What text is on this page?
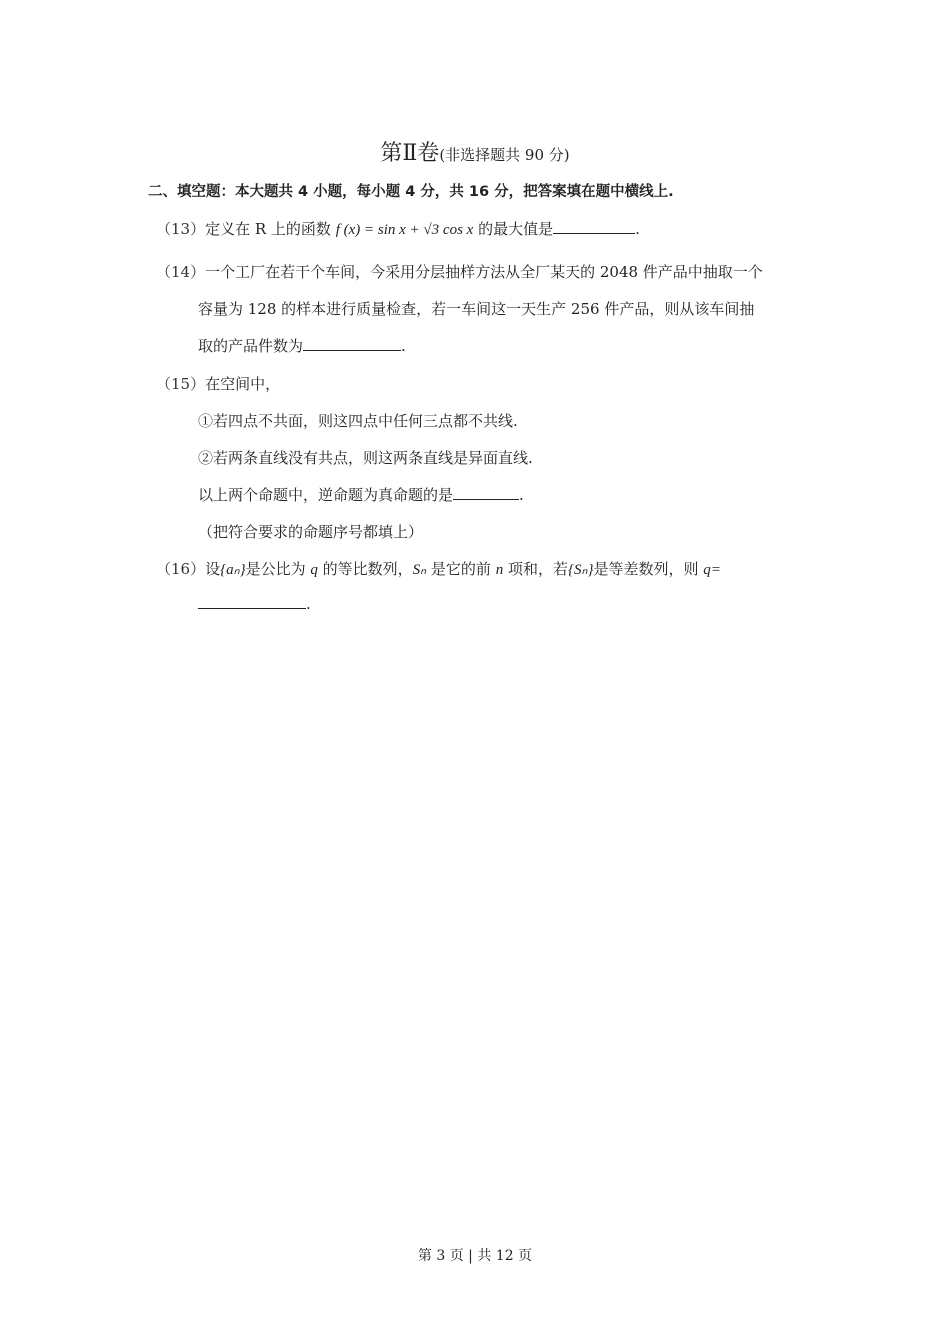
第Ⅱ卷(非选择题共 90 分)
二、填空题：本大题共 4 小题，每小题 4 分，共 16 分，把答案填在题中横线上.
（13）定义在 R 上的函数 f (x) = sin x + √3 cos x 的最大值是	.
（14）一个工厂在若干个车间，今采用分层抽样方法从全厂某天的 2048 件产品中抽取一个
容量为 128 的样本进行质量检查，若一车间这一天生产 256 件产品，则从该车间抽
取的产品件数为	.
（15）在空间中，
①若四点不共面，则这四点中任何三点都不共线.
②若两条直线没有共点，则这两条直线是异面直线.
以上两个命题中，逆命题为真命题的是	.
（把符合要求的命题序号都填上）
（16）设{aₙ}是公比为 q 的等比数列，Sₙ 是它的前 n 项和，若{Sₙ}是等差数列，则 q=
.
第 3 页 | 共 12 页
